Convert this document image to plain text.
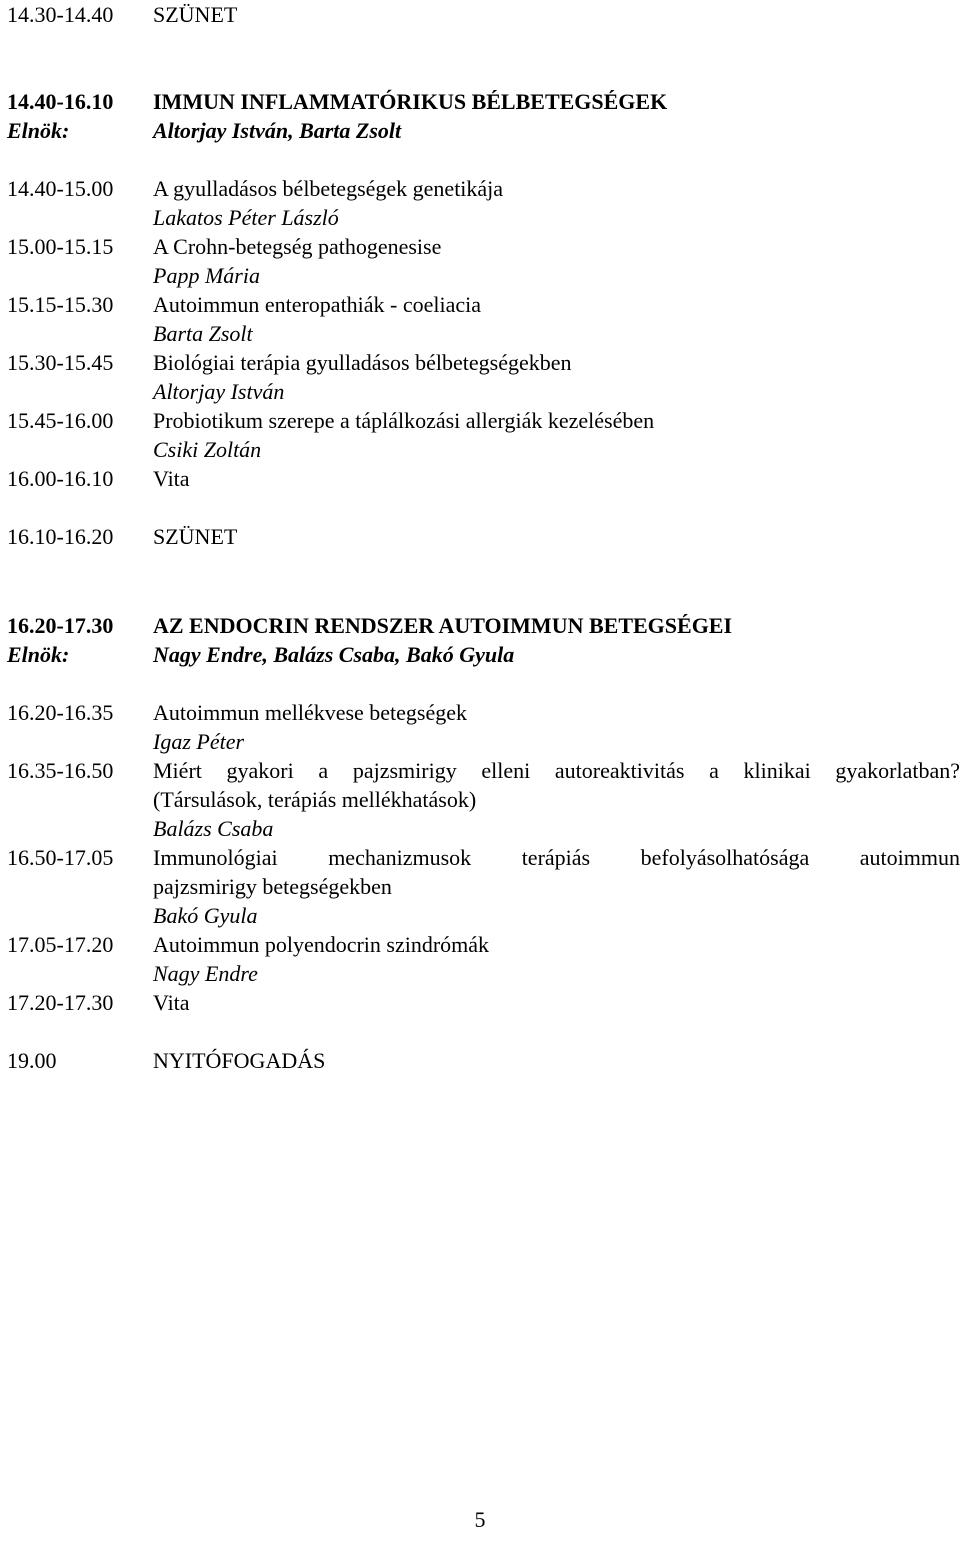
14.30-14.40	SZÜNET
14.40-16.10	IMMUN INFLAMMATÓRIKUS BÉLBETEGSÉGEK
Elnök:	Altorjay István, Barta Zsolt
14.40-15.00	A gyulladásos bélbetegségek genetikája
Lakatos Péter László
15.00-15.15	A Crohn-betegség pathogenesise
Papp Mária
15.15-15.30	Autoimmun enteropathiák - coeliacia
Barta Zsolt
15.30-15.45	Biológiai terápia gyulladásos bélbetegségekben
Altorjay István
15.45-16.00	Probiotikum szerepe a táplálkozási allergiák kezelésében
Csiki Zoltán
16.00-16.10	Vita
16.10-16.20	SZÜNET
16.20-17.30	AZ ENDOCRIN RENDSZER AUTOIMMUN BETEGSÉGEI
Elnök:	Nagy Endre, Balázs Csaba, Bakó Gyula
16.20-16.35	Autoimmun mellékvese betegségek
Igaz Péter
16.35-16.50	Miért gyakori a pajzsmirigy elleni autoreaktivitás a klinikai gyakorlatban?
(Társulások, terápiás mellékhatások)
Balázs Csaba
16.50-17.05	Immunológiai mechanizmusok terápiás befolyásolhatósága autoimmun
pajzsmirigy betegségekben
Bakó Gyula
17.05-17.20	Autoimmun polyendocrin szindrómák
Nagy Endre
17.20-17.30	Vita
19.00	NYITÓFOGADÁS
5
